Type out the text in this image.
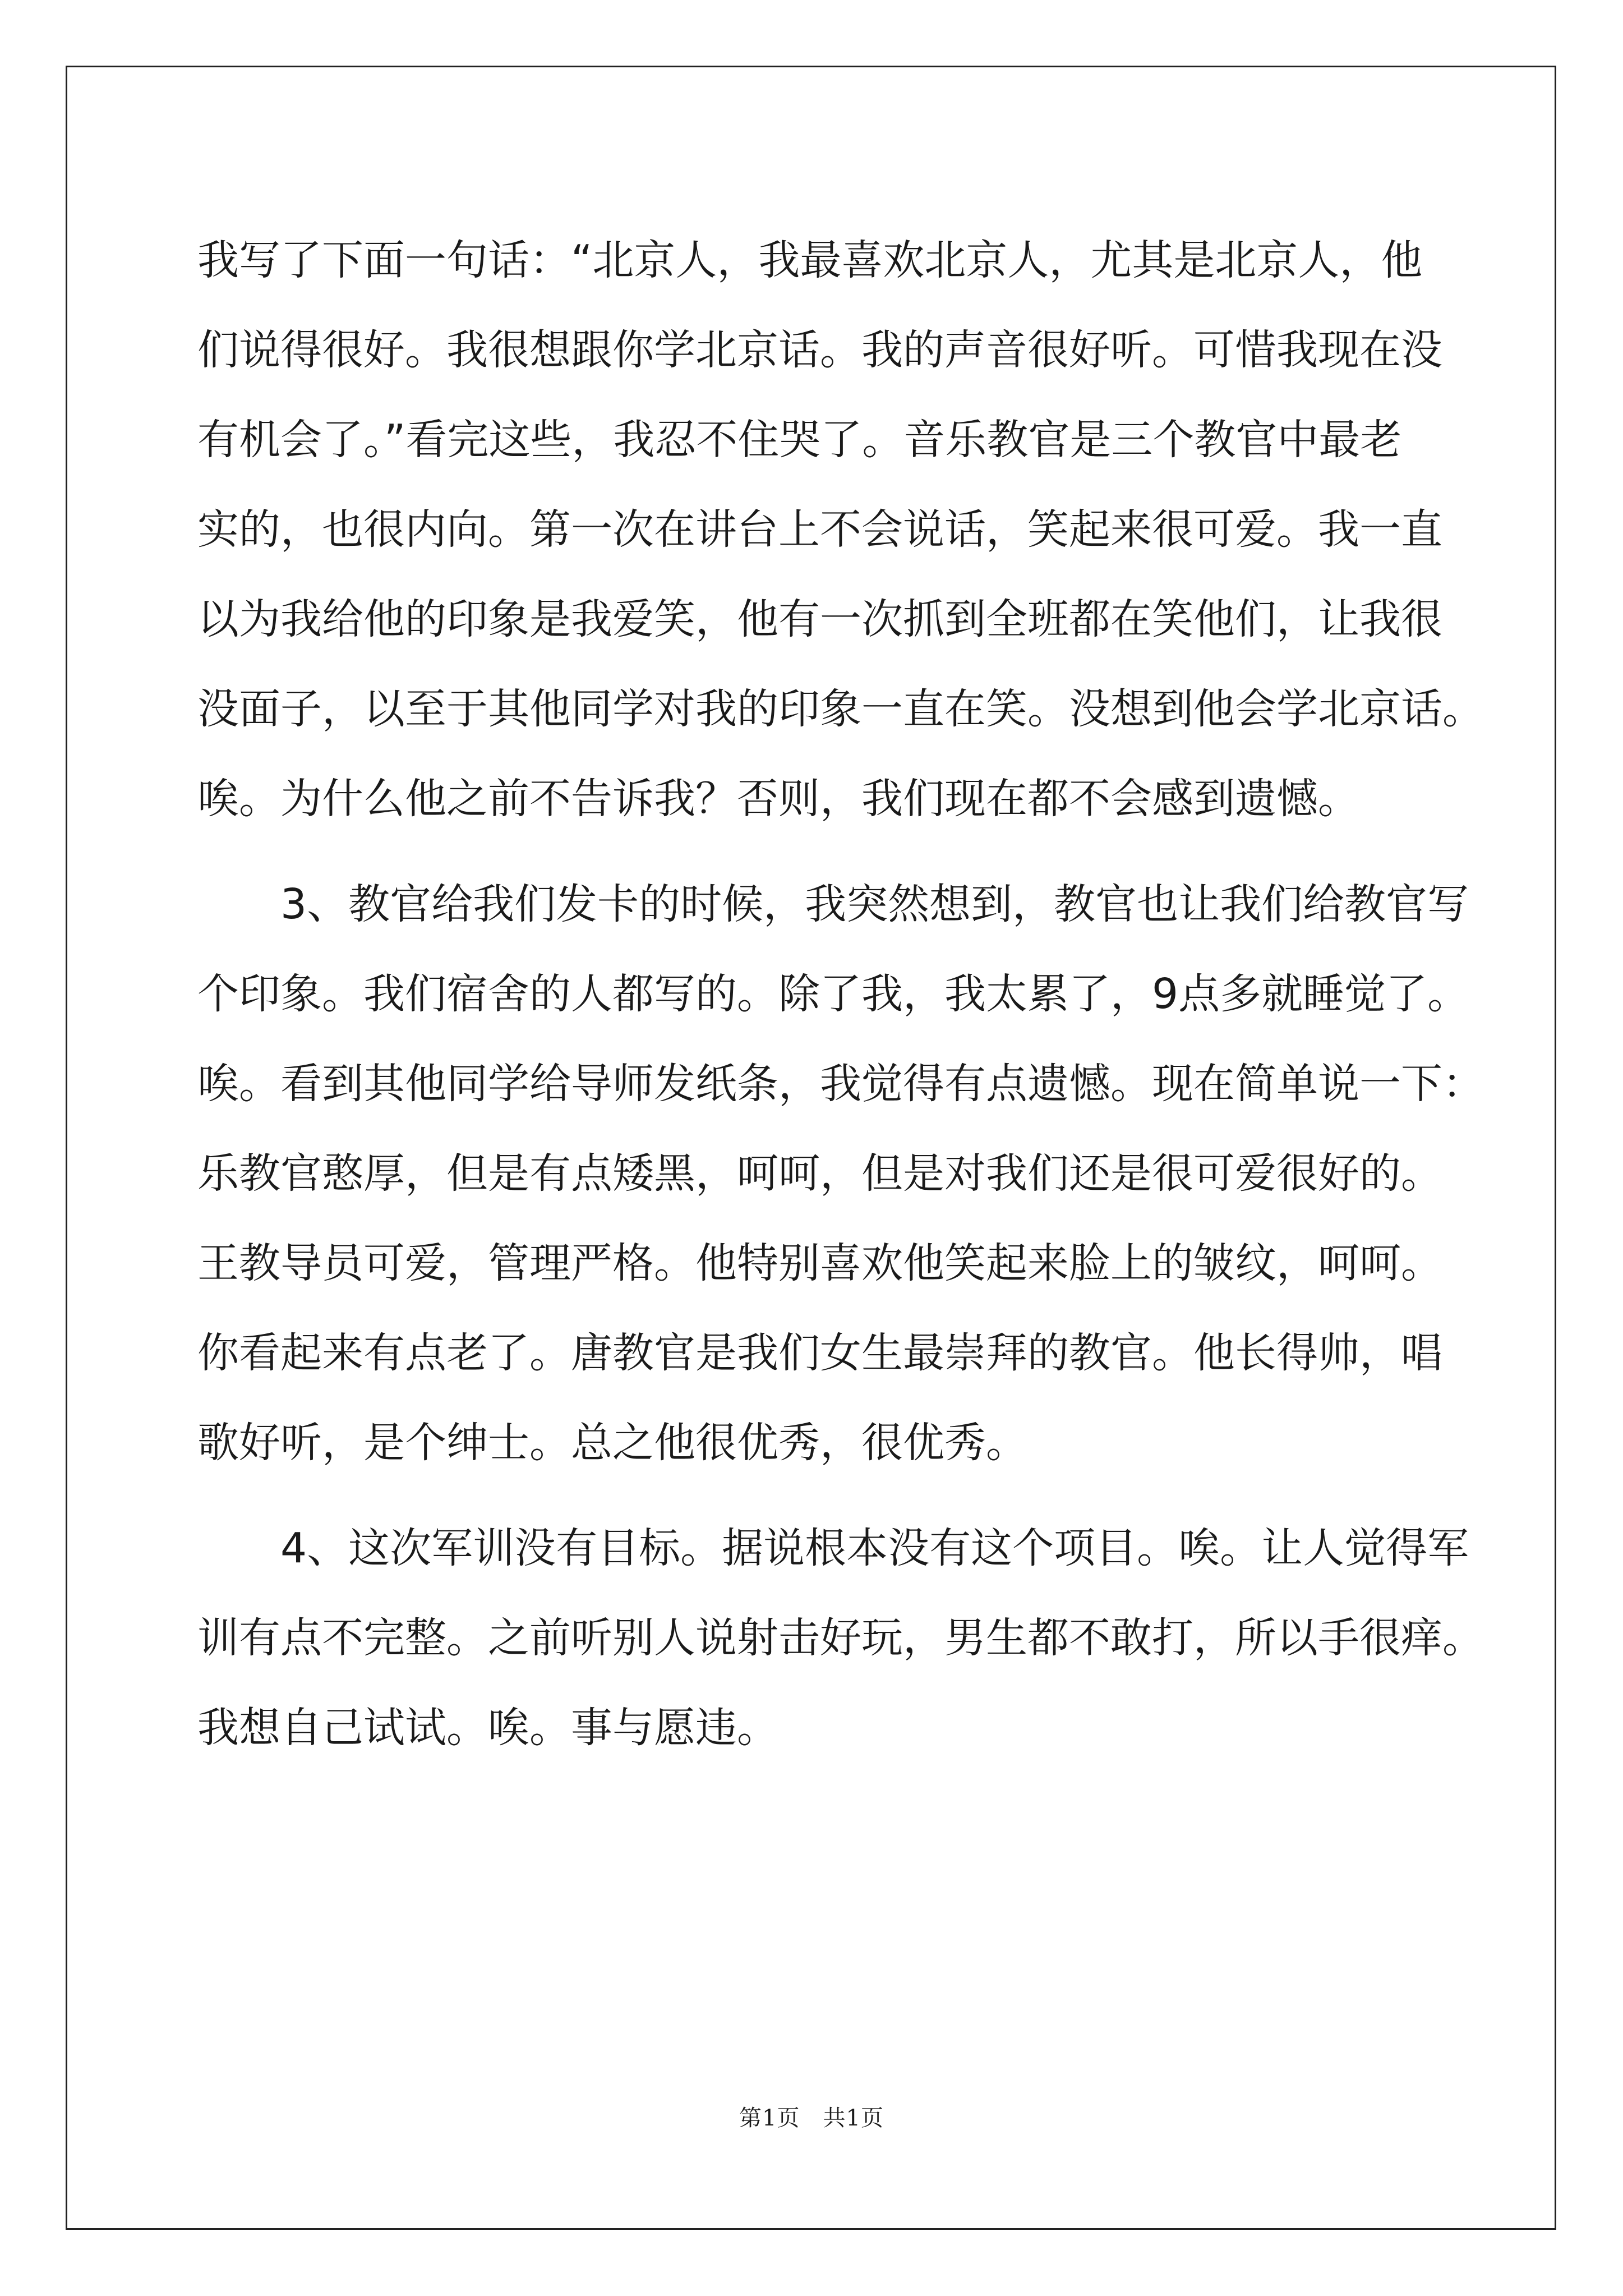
我写了下面一句话：“北京人，我最喜欢北京人，尤其是北京人，他
们说得很好。我很想跟你学北京话。我的声音很好听。可惜我现在没
有机会了。”看完这些，我忍不住哭了。音乐教官是三个教官中最老
实的，也很内向。第一次在讲台上不会说话，笑起来很可爱。我一直
以为我给他的印象是我爱笑，他有一次抓到全班都在笑他们，让我很
没面子，以至于其他同学对我的印象一直在笑。没想到他会学北京话。
唉。为什么他之前不告诉我？否则，我们现在都不会感到遗憾。
3、教官给我们发卡的时候，我突然想到，教官也让我们给教官写
个印象。我们宿舍的人都写的。除了我，我太累了，9点多就睡觉了。
唉。看到其他同学给导师发纸条，我觉得有点遗憾。现在简单说一下：
乐教官憨厚，但是有点矮黑，呵呵，但是对我们还是很可爱很好的。
王教导员可爱，管理严格。他特别喜欢他笑起来脸上的皱纹，呵呵。
你看起来有点老了。唐教官是我们女生最崇拜的教官。他长得帅，唱
歌好听，是个绅士。总之他很优秀，很优秀。
4、这次军训没有目标。据说根本没有这个项目。唉。让人觉得军
训有点不完整。之前听别人说射击好玩，男生都不敢打，所以手很痒。
我想自己试试。唉。事与愿违。
第1页　共1页
